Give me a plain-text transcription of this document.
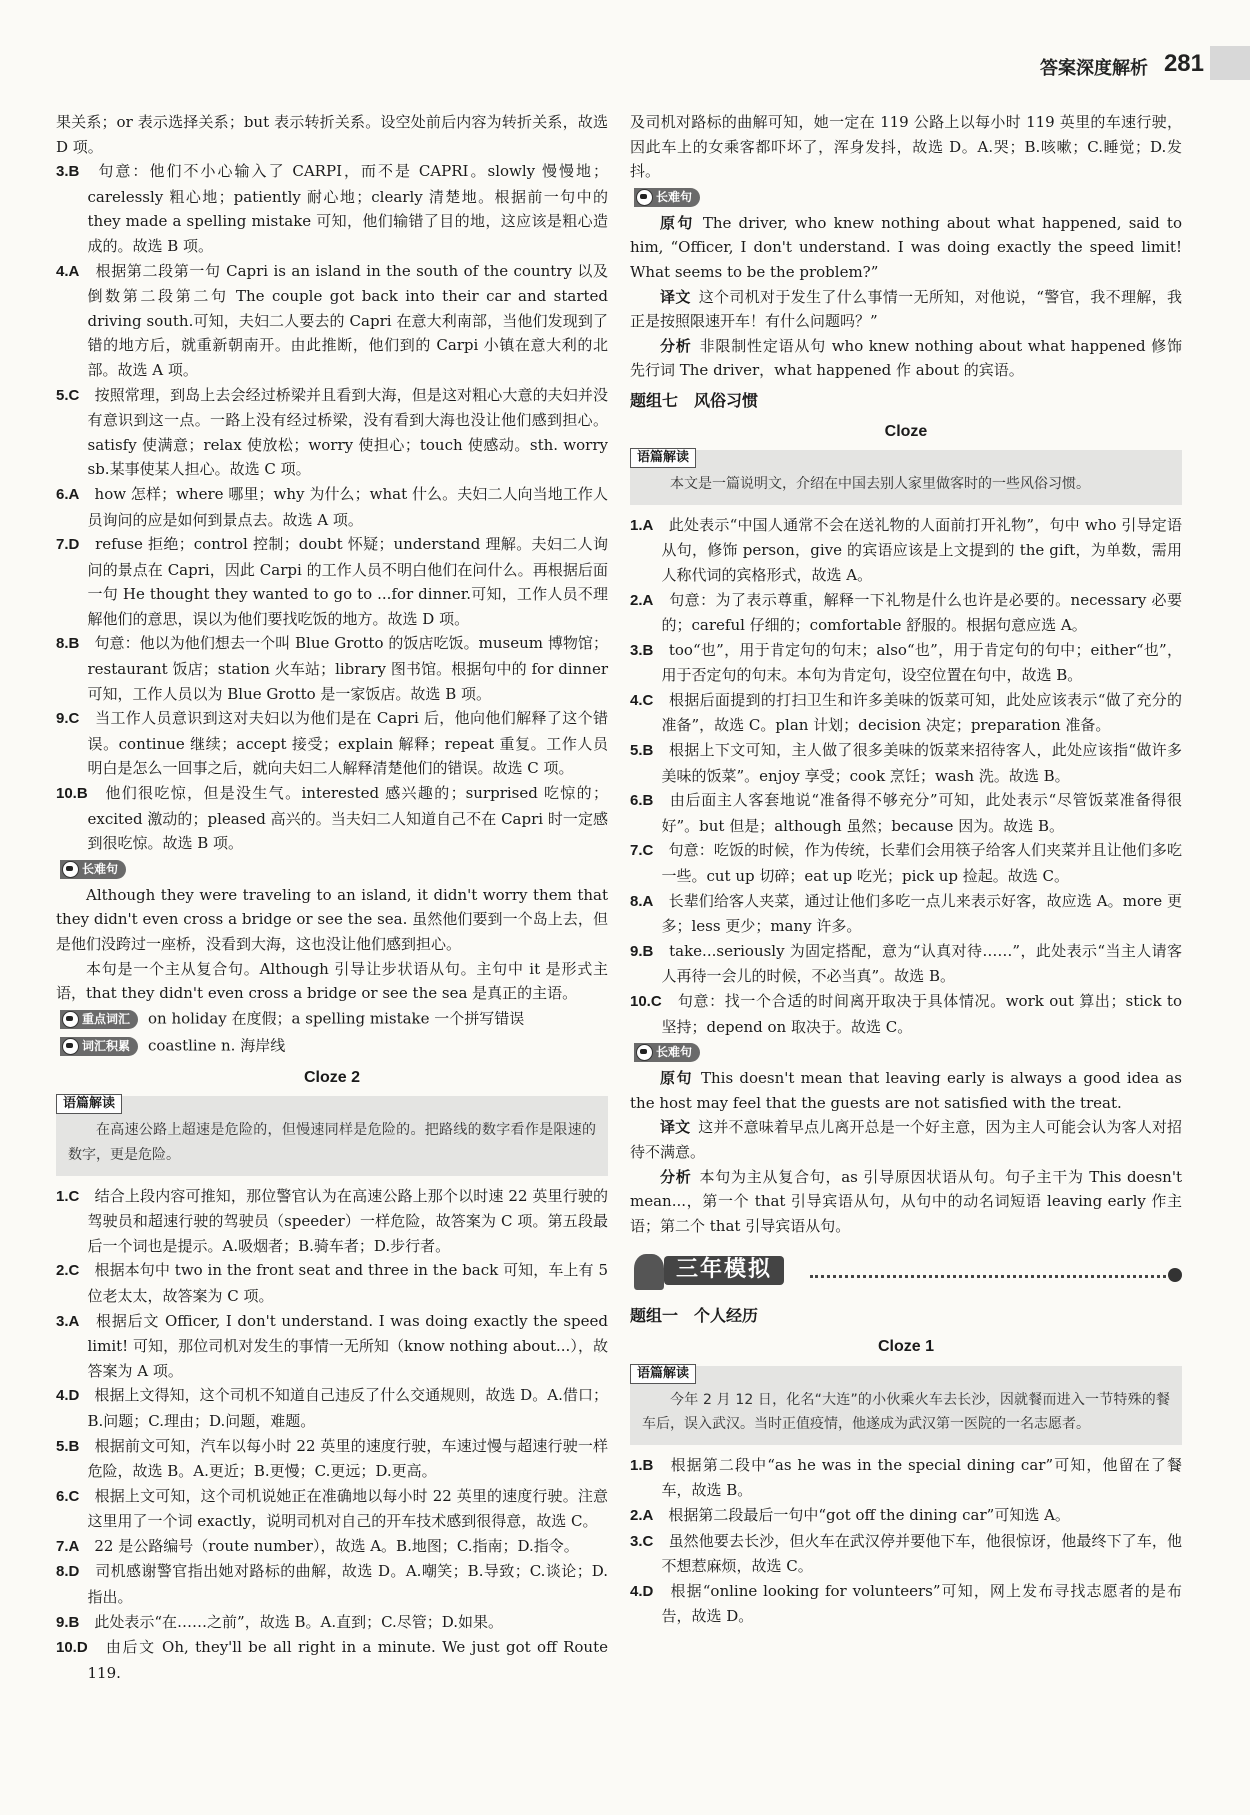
答案深度解析 281

果关系；or 表示选择关系；but 表示转折关系。设空处前后内容为转折关系，故选 D 项。

3.B　 句意：他们不小心输入了 CARPI，而不是 CAPRI。slowly 慢慢地；carelessly 粗心地；patiently 耐心地；clearly 清楚地。根据前一句中的 they made a spelling mistake 可知，他们输错了目的地，这应该是粗心造成的。故选 B 项。

4.A　 根据第二段第一句 Capri is an island in the south of the country 以及倒数第二段第二句 The couple got back into their car and started driving south.可知，夫妇二人要去的 Capri 在意大利南部，当他们发现到了错的地方后，就重新朝南开。由此推断，他们到的 Carpi 小镇在意大利的北部。故选 A 项。

5.C　 按照常理，到岛上去会经过桥梁并且看到大海，但是这对粗心大意的夫妇并没有意识到这一点。一路上没有经过桥梁，没有看到大海也没让他们感到担心。satisfy 使满意；relax 使放松；worry 使担心；touch 使感动。sth. worry sb.某事使某人担心。故选 C 项。

6.A　 how 怎样；where 哪里；why 为什么；what 什么。夫妇二人向当地工作人员询问的应是如何到景点去。故选 A 项。

7.D　 refuse 拒绝；control 控制；doubt 怀疑；understand 理解。夫妇二人询问的景点在 Capri，因此 Carpi 的工作人员不明白他们在问什么。再根据后面一句 He thought they wanted to go to ...for dinner.可知，工作人员不理解他们的意思，误以为他们要找吃饭的地方。故选 D 项。

8.B　 句意：他以为他们想去一个叫 Blue Grotto 的饭店吃饭。museum 博物馆；restaurant 饭店；station 火车站；library 图书馆。根据句中的 for dinner 可知，工作人员以为 Blue Grotto 是一家饭店。故选 B 项。

9.C　 当工作人员意识到这对夫妇以为他们是在 Capri 后，他向他们解释了这个错误。continue 继续；accept 接受；explain 解释；repeat 重复。工作人员明白是怎么一回事之后，就向夫妇二人解释清楚他们的错误。故选 C 项。

10.B　 他们很吃惊，但是没生气。interested 感兴趣的；surprised 吃惊的；excited 激动的；pleased 高兴的。当夫妇二人知道自己不在 Capri 时一定感到很吃惊。故选 B 项。

长难句

Although they were traveling to an island, it didn't worry them that they didn't even cross a bridge or see the sea. 虽然他们要到一个岛上去，但是他们没跨过一座桥，没看到大海，这也没让他们感到担心。

本句是一个主从复合句。Although 引导让步状语从句。主句中 it 是形式主语，that they didn't even cross a bridge or see the sea 是真正的主语。

重点词汇 on holiday 在度假；a spelling mistake 一个拼写错误

词汇积累 coastline n. 海岸线

Cloze 2
语篇解读

在高速公路上超速是危险的，但慢速同样是危险的。把路线的数字看作是限速的数字，更是危险。

1.C　 结合上段内容可推知，那位警官认为在高速公路上那个以时速 22 英里行驶的驾驶员和超速行驶的驾驶员（speeder）一样危险，故答案为 C 项。第五段最后一个词也是提示。A.吸烟者；B.骑车者；D.步行者。

2.C　 根据本句中 two in the front seat and three in the back 可知，车上有 5 位老太太，故答案为 C 项。

3.A　 根据后文 Officer, I don't understand. I was doing exactly the speed limit! 可知，那位司机对发生的事情一无所知（know nothing about...），故答案为 A 项。

4.D　 根据上文得知，这个司机不知道自己违反了什么交通规则，故选 D。A.借口；B.问题；C.理由；D.问题，难题。

5.B　 根据前文可知，汽车以每小时 22 英里的速度行驶，车速过慢与超速行驶一样危险，故选 B。A.更近；B.更慢；C.更远；D.更高。

6.C　 根据上文可知，这个司机说她正在准确地以每小时 22 英里的速度行驶。注意这里用了一个词 exactly，说明司机对自己的开车技术感到很得意，故选 C。

7.A　 22 是公路编号（route number），故选 A。B.地图；C.指南；D.指令。

8.D　 司机感谢警官指出她对路标的曲解，故选 D。A.嘲笑；B.导致；C.谈论；D.指出。

9.B　 此处表示“在……之前”，故选 B。A.直到；C.尽管；D.如果。

10.D　 由后文 Oh, they'll be all right in a minute. We just got off Route 119.

及司机对路标的曲解可知，她一定在 119 公路上以每小时 119 英里的车速行驶，因此车上的女乘客都吓坏了，浑身发抖，故选 D。A.哭；B.咳嗽；C.睡觉；D.发抖。

长难句

原句 The driver, who knew nothing about what happened, said to him, “Officer, I don't understand. I was doing exactly the speed limit! What seems to be the problem?”

译文 这个司机对于发生了什么事情一无所知，对他说，“警官，我不理解，我正是按照限速开车！有什么问题吗？”

分析 非限制性定语从句 who knew nothing about what happened 修饰先行词 The driver，what happened 作 about 的宾语。

题组七　风俗习惯
Cloze
语篇解读

本文是一篇说明文，介绍在中国去别人家里做客时的一些风俗习惯。

1.A　 此处表示“中国人通常不会在送礼物的人面前打开礼物”，句中 who 引导定语从句，修饰 person，give 的宾语应该是上文提到的 the gift，为单数，需用人称代词的宾格形式，故选 A。

2.A　 句意：为了表示尊重，解释一下礼物是什么也许是必要的。necessary 必要的；careful 仔细的；comfortable 舒服的。根据句意应选 A。

3.B　 too“也”，用于肯定句的句末；also“也”，用于肯定句的句中；either“也”，用于否定句的句末。本句为肯定句，设空位置在句中，故选 B。

4.C　 根据后面提到的打扫卫生和许多美味的饭菜可知，此处应该表示“做了充分的准备”，故选 C。plan 计划；decision 决定；preparation 准备。

5.B　 根据上下文可知，主人做了很多美味的饭菜来招待客人，此处应该指“做许多美味的饭菜”。enjoy 享受；cook 烹饪；wash 洗。故选 B。

6.B　 由后面主人客套地说“准备得不够充分”可知，此处表示“尽管饭菜准备得很好”。but 但是；although 虽然；because 因为。故选 B。

7.C　 句意：吃饭的时候，作为传统，长辈们会用筷子给客人们夹菜并且让他们多吃一些。cut up 切碎；eat up 吃光；pick up 捡起。故选 C。

8.A　 长辈们给客人夹菜，通过让他们多吃一点儿来表示好客，故应选 A。more 更多；less 更少；many 许多。

9.B　 take...seriously 为固定搭配，意为“认真对待……”，此处表示“当主人请客人再待一会儿的时候，不必当真”。故选 B。

10.C　 句意：找一个合适的时间离开取决于具体情况。work out 算出；stick to 坚持；depend on 取决于。故选 C。

长难句

原句 This doesn't mean that leaving early is always a good idea as the host may feel that the guests are not satisfied with the treat.

译文 这并不意味着早点儿离开总是一个好主意，因为主人可能会认为客人对招待不满意。

分析 本句为主从复合句，as 引导原因状语从句。句子主干为 This doesn't mean...，第一个 that 引导宾语从句，从句中的动名词短语 leaving early 作主语；第二个 that 引导宾语从句。

三年模拟
题组一　个人经历
Cloze 1
语篇解读

今年 2 月 12 日，化名“大连”的小伙乘火车去长沙，因就餐而进入一节特殊的餐车后，误入武汉。当时正值疫情，他遂成为武汉第一医院的一名志愿者。

1.B　 根据第二段中“as he was in the special dining car”可知，他留在了餐车，故选 B。

2.A　 根据第二段最后一句中“got off the dining car”可知选 A。

3.C　 虽然他要去长沙，但火车在武汉停并要他下车，他很惊讶，他最终下了车，他不想惹麻烦，故选 C。

4.D　 根据“online looking for volunteers”可知，网上发布寻找志愿者的是布告，故选 D。
